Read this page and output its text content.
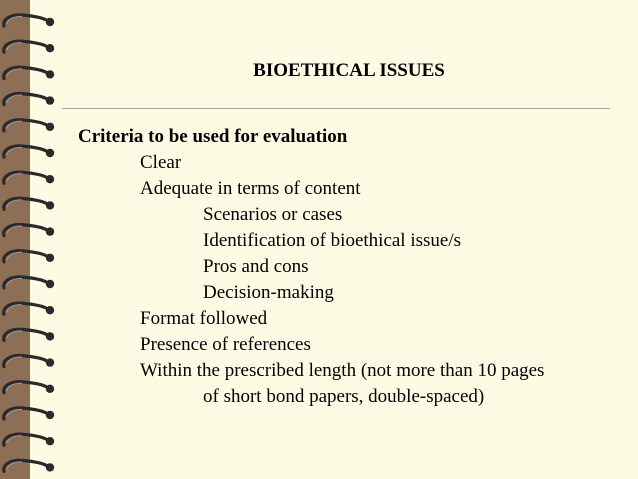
BIOETHICAL ISSUES
Criteria to be used for evaluation
Clear
Adequate in terms of content
Scenarios or cases
Identification of bioethical issue/s
Pros and cons
Decision-making
Format followed
Presence of references
Within the prescribed length (not more than 10 pages
of short bond papers, double-spaced)
